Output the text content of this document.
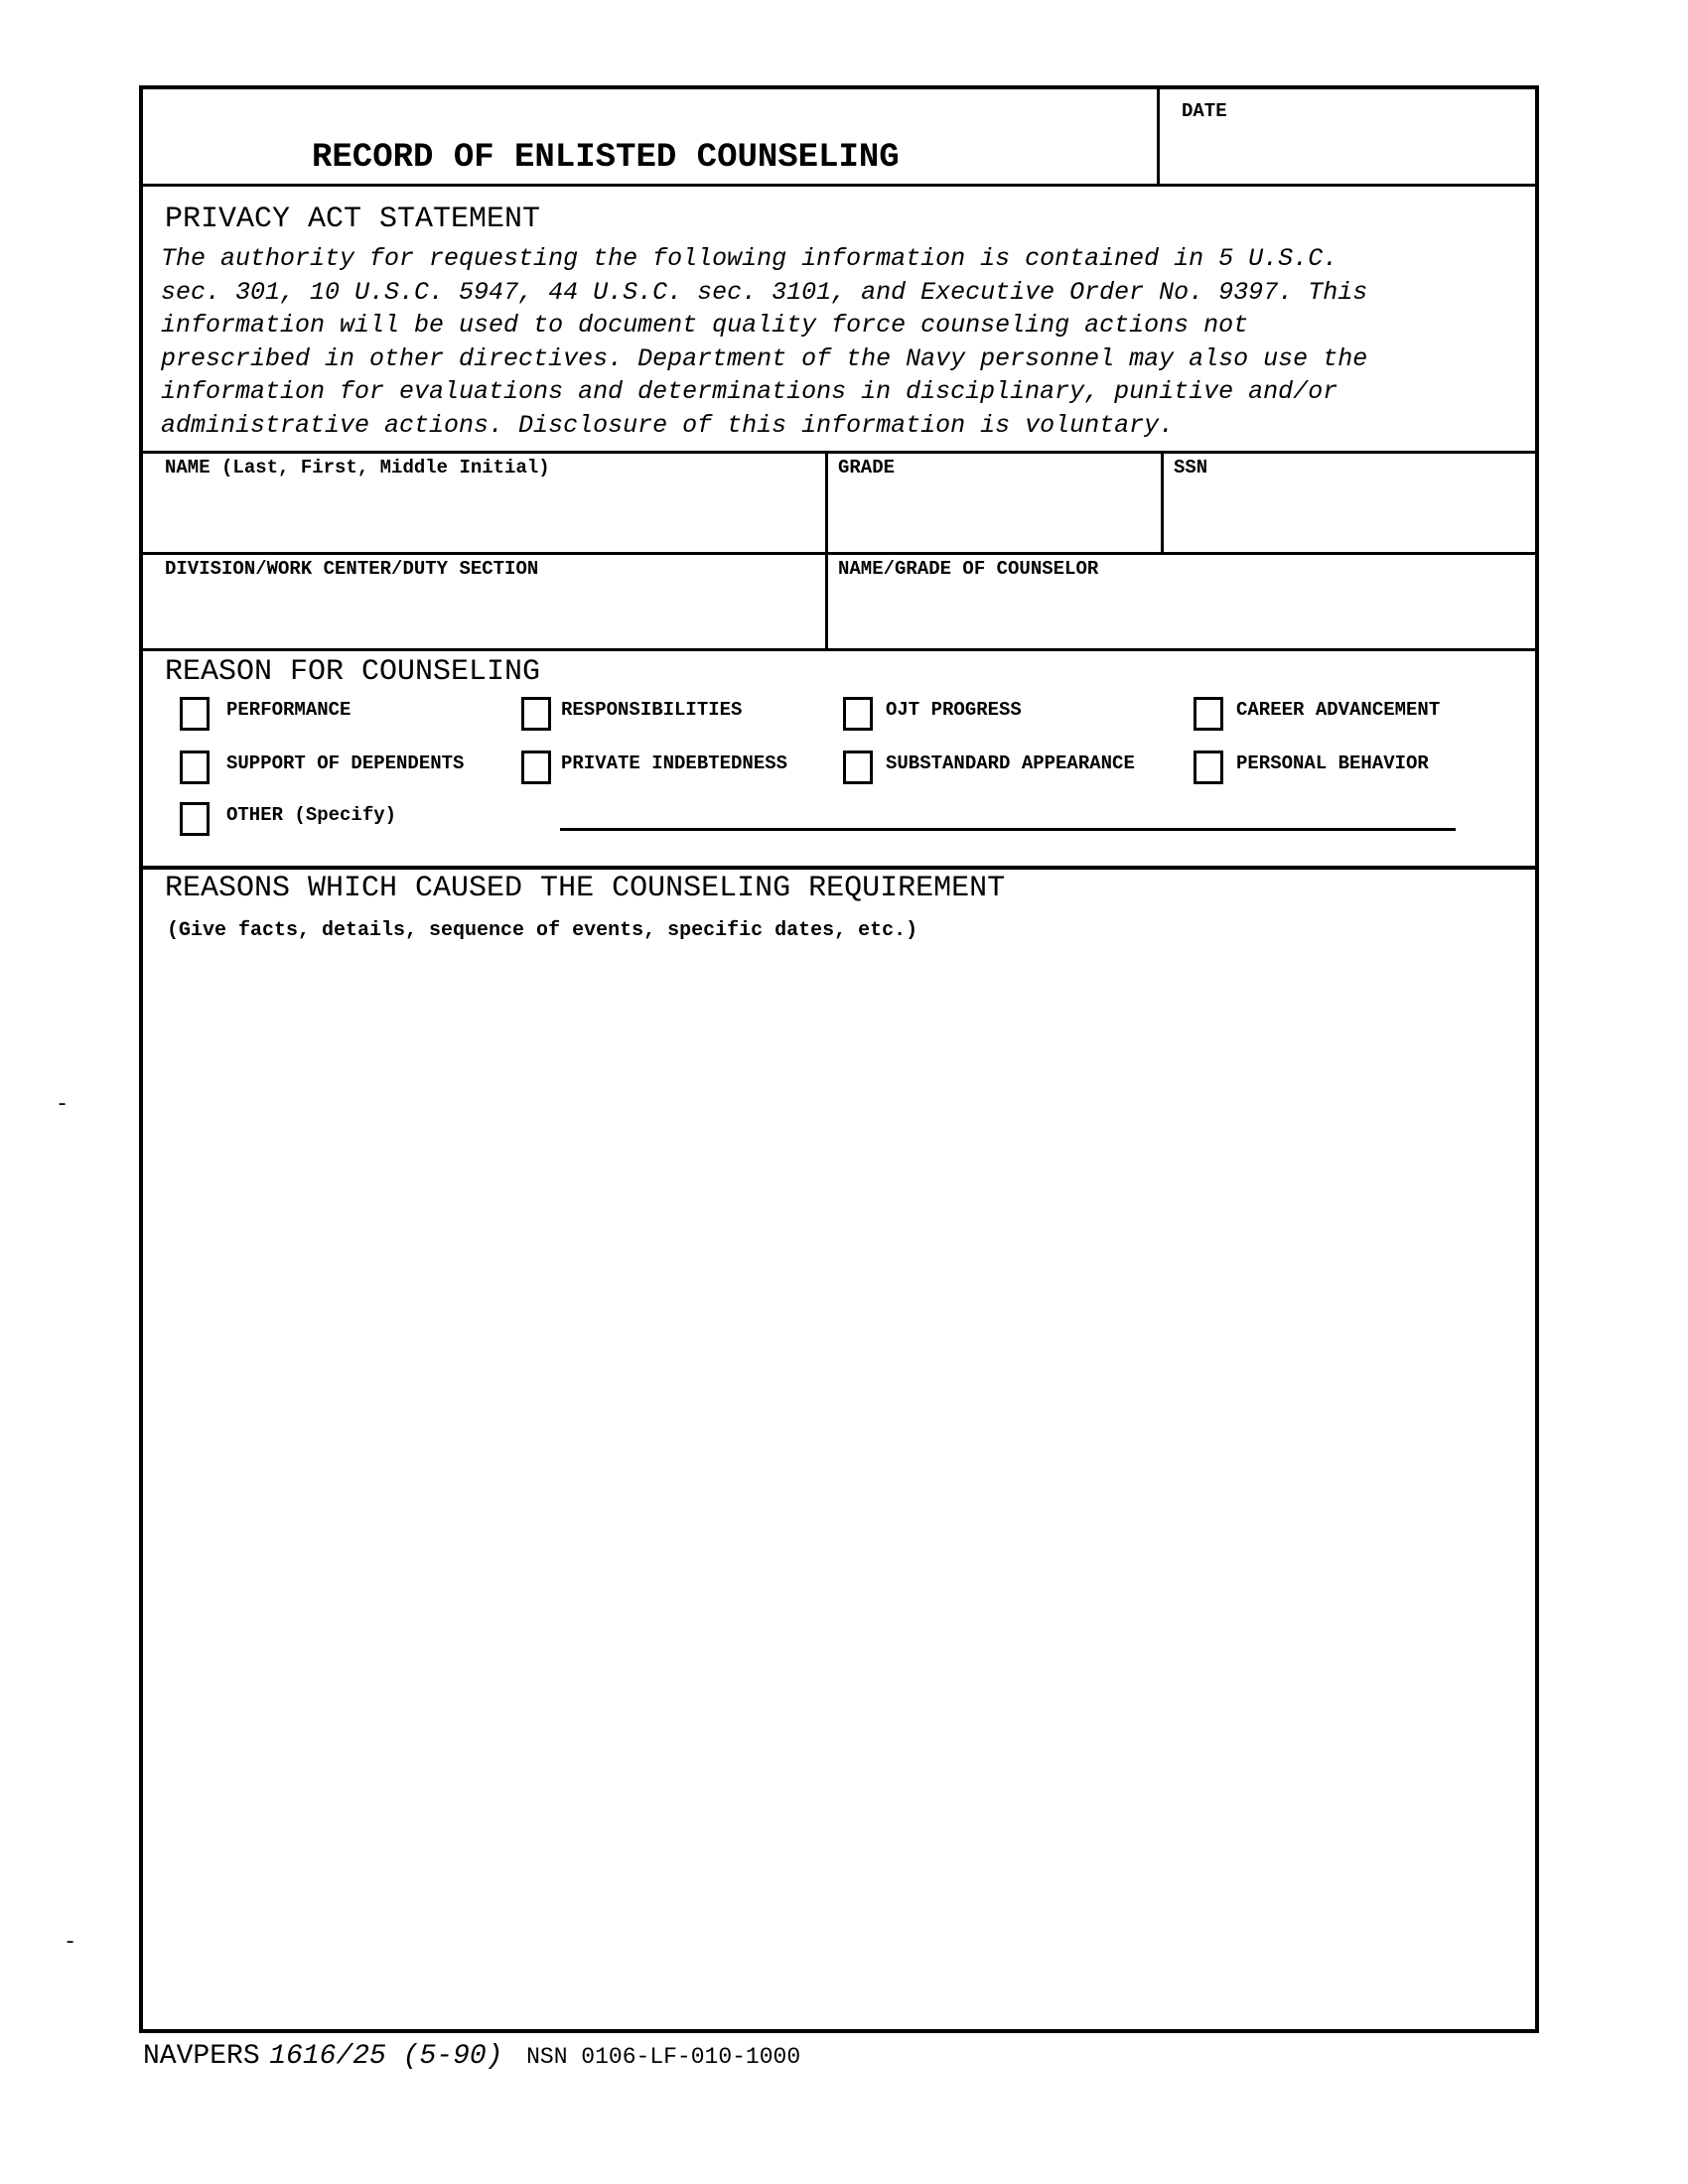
RECORD OF ENLISTED COUNSELING
DATE
PRIVACY ACT STATEMENT
The authority for requesting the following information is contained in 5 U.S.C.
sec. 301, 10 U.S.C. 5947, 44 U.S.C. sec. 3101, and Executive Order No. 9397. This
information will be used to document quality force counseling actions not
prescribed in other directives. Department of the Navy personnel may also use the
information for evaluations and determinations in disciplinary, punitive and/or
administrative actions. Disclosure of this information is voluntary.
NAME (Last, First, Middle Initial)	GRADE	SSN
DIVISION/WORK CENTER/DUTY SECTION	NAME/GRADE OF COUNSELOR
REASON FOR COUNSELING
PERFORMANCE	RESPONSIBILITIES	OJT PROGRESS	CAREER ADVANCEMENT
SUPPORT OF DEPENDENTS	PRIVATE INDEBTEDNESS	SUBSTANDARD APPEARANCE	PERSONAL BEHAVIOR
OTHER (Specify)
REASONS WHICH CAUSED THE COUNSELING REQUIREMENT
(Give facts, details, sequence of events, specific dates, etc.)
NAVPERS 1616/25 (5-90) NSN 0106-LF-010-1000
-
-
